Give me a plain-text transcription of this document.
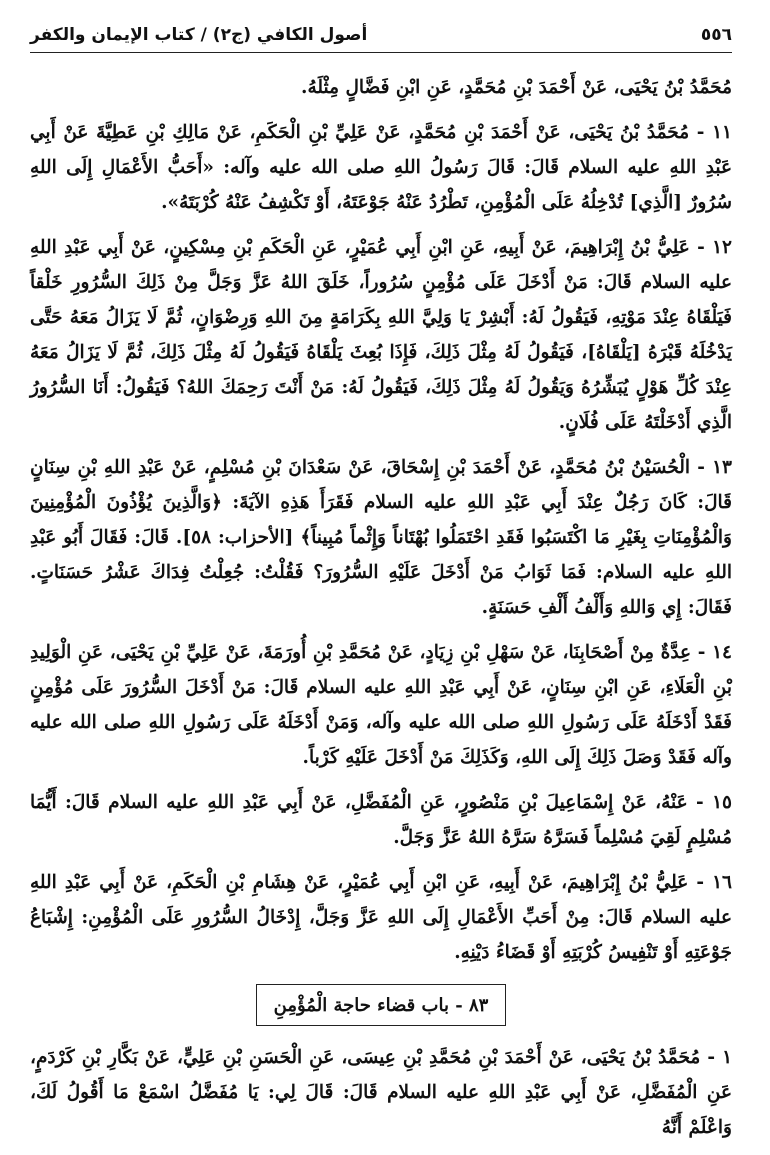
٥٥٦
أصول الكافي (ج٢) / كتاب الإيمان والكفر

مُحَمَّدُ بْنُ يَحْيَى، عَنْ أَحْمَدَ بْنِ مُحَمَّدٍ، عَنِ ابْنِ فَضَّالٍ مِثْلَهُ.

١١ - مُحَمَّدُ بْنُ يَحْيَى، عَنْ أَحْمَدَ بْنِ مُحَمَّدٍ، عَنْ عَلِيِّ بْنِ الْحَكَمِ، عَنْ مَالِكِ بْنِ عَطِيَّةَ عَنْ أَبِي عَبْدِ اللهِ عليه السلام قَالَ: قَالَ رَسُولُ اللهِ صلى الله عليه وآله: «أَحَبُّ الأَعْمَالِ إِلَى اللهِ سُرُورٌ [الَّذِي] تُدْخِلُهُ عَلَى الْمُؤْمِنِ، تَطْرُدُ عَنْهُ جَوْعَتَهُ، أَوْ تَكْشِفُ عَنْهُ كُرْبَتَهُ».

١٢ - عَلِيُّ بْنُ إِبْرَاهِيمَ، عَنْ أَبِيهِ، عَنِ ابْنِ أَبِي عُمَيْرٍ، عَنِ الْحَكَمِ بْنِ مِسْكِينٍ، عَنْ أَبِي عَبْدِ اللهِ عليه السلام قَالَ: مَنْ أَدْخَلَ عَلَى مُؤْمِنٍ سُرُوراً، خَلَقَ اللهُ عَزَّ وَجَلَّ مِنْ ذَلِكَ السُّرُورِ خَلْقاً فَيَلْقَاهُ عِنْدَ مَوْتِهِ، فَيَقُولُ لَهُ: أَبْشِرْ يَا وَلِيَّ اللهِ بِكَرَامَةٍ مِنَ اللهِ وَرِضْوَانٍ، ثُمَّ لَا يَزَالُ مَعَهُ حَتَّى يَدْخُلَهُ قَبْرَهُ [يَلْقَاهُ]، فَيَقُولُ لَهُ مِثْلَ ذَلِكَ، فَإِذَا بُعِثَ يَلْقَاهُ فَيَقُولُ لَهُ مِثْلَ ذَلِكَ، ثُمَّ لَا يَزَالُ مَعَهُ عِنْدَ كُلِّ هَوْلٍ يُبَشِّرُهُ وَيَقُولُ لَهُ مِثْلَ ذَلِكَ، فَيَقُولُ لَهُ: مَنْ أَنْتَ رَحِمَكَ اللهُ؟ فَيَقُولُ: أَنَا السُّرُورُ الَّذِي أَدْخَلْتَهُ عَلَى فُلَانٍ.

١٣ - الْحُسَيْنُ بْنُ مُحَمَّدٍ، عَنْ أَحْمَدَ بْنِ إِسْحَاقَ، عَنْ سَعْدَانَ بْنِ مُسْلِمٍ، عَنْ عَبْدِ اللهِ بْنِ سِنَانٍ قَالَ: كَانَ رَجُلٌ عِنْدَ أَبِي عَبْدِ اللهِ عليه السلام فَقَرَأَ هَذِهِ الآيَةَ: ﴿وَالَّذِينَ يُؤْذُونَ الْمُؤْمِنِينَ وَالْمُؤْمِنَاتِ بِغَيْرِ مَا اكْتَسَبُوا فَقَدِ احْتَمَلُوا بُهْتَاناً وَإِثْماً مُبِيناً﴾ [الأحزاب: ٥٨]. قَالَ: فَقَالَ أَبُو عَبْدِ اللهِ عليه السلام: فَمَا ثَوَابُ مَنْ أَدْخَلَ عَلَيْهِ السُّرُورَ؟ فَقُلْتُ: جُعِلْتُ فِدَاكَ عَشْرُ حَسَنَاتٍ. فَقَالَ: إِي وَاللهِ وَأَلْفُ أَلْفِ حَسَنَةٍ.

١٤ - عِدَّةٌ مِنْ أَصْحَابِنَا، عَنْ سَهْلِ بْنِ زِيَادٍ، عَنْ مُحَمَّدِ بْنِ أُورَمَةَ، عَنْ عَلِيِّ بْنِ يَحْيَى، عَنِ الْوَلِيدِ بْنِ الْعَلَاءِ، عَنِ ابْنِ سِنَانٍ، عَنْ أَبِي عَبْدِ اللهِ عليه السلام قَالَ: مَنْ أَدْخَلَ السُّرُورَ عَلَى مُؤْمِنٍ فَقَدْ أَدْخَلَهُ عَلَى رَسُولِ اللهِ صلى الله عليه وآله، وَمَنْ أَدْخَلَهُ عَلَى رَسُولِ اللهِ صلى الله عليه وآله فَقَدْ وَصَلَ ذَلِكَ إِلَى اللهِ، وَكَذَلِكَ مَنْ أَدْخَلَ عَلَيْهِ كَرْباً.

١٥ - عَنْهُ، عَنْ إِسْمَاعِيلَ بْنِ مَنْصُورٍ، عَنِ الْمُفَضَّلِ، عَنْ أَبِي عَبْدِ اللهِ عليه السلام قَالَ: أَيُّمَا مُسْلِمٍ لَقِيَ مُسْلِماً فَسَرَّهُ سَرَّهُ اللهُ عَزَّ وَجَلَّ.

١٦ - عَلِيُّ بْنُ إِبْرَاهِيمَ، عَنْ أَبِيهِ، عَنِ ابْنِ أَبِي عُمَيْرٍ، عَنْ هِشَامِ بْنِ الْحَكَمِ، عَنْ أَبِي عَبْدِ اللهِ عليه السلام قَالَ: مِنْ أَحَبِّ الأَعْمَالِ إِلَى اللهِ عَزَّ وَجَلَّ، إِدْخَالُ السُّرُورِ عَلَى الْمُؤْمِنِ: إِشْبَاعُ جَوْعَتِهِ أَوْ تَنْفِيسُ كُرْبَتِهِ أَوْ قَضَاءُ دَيْنِهِ.

٨٣ - باب قضاء حاجة الْمُؤْمِنِ

١ - مُحَمَّدُ بْنُ يَحْيَى، عَنْ أَحْمَدَ بْنِ مُحَمَّدِ بْنِ عِيسَى، عَنِ الْحَسَنِ بْنِ عَلِيٍّ، عَنْ بَكَّارِ بْنِ كَرْدَمٍ، عَنِ الْمُفَضَّلِ، عَنْ أَبِي عَبْدِ اللهِ عليه السلام قَالَ: قَالَ لِي: يَا مُفَضَّلُ اسْمَعْ مَا أَقُولُ لَكَ، وَاعْلَمْ أَنَّهُ
